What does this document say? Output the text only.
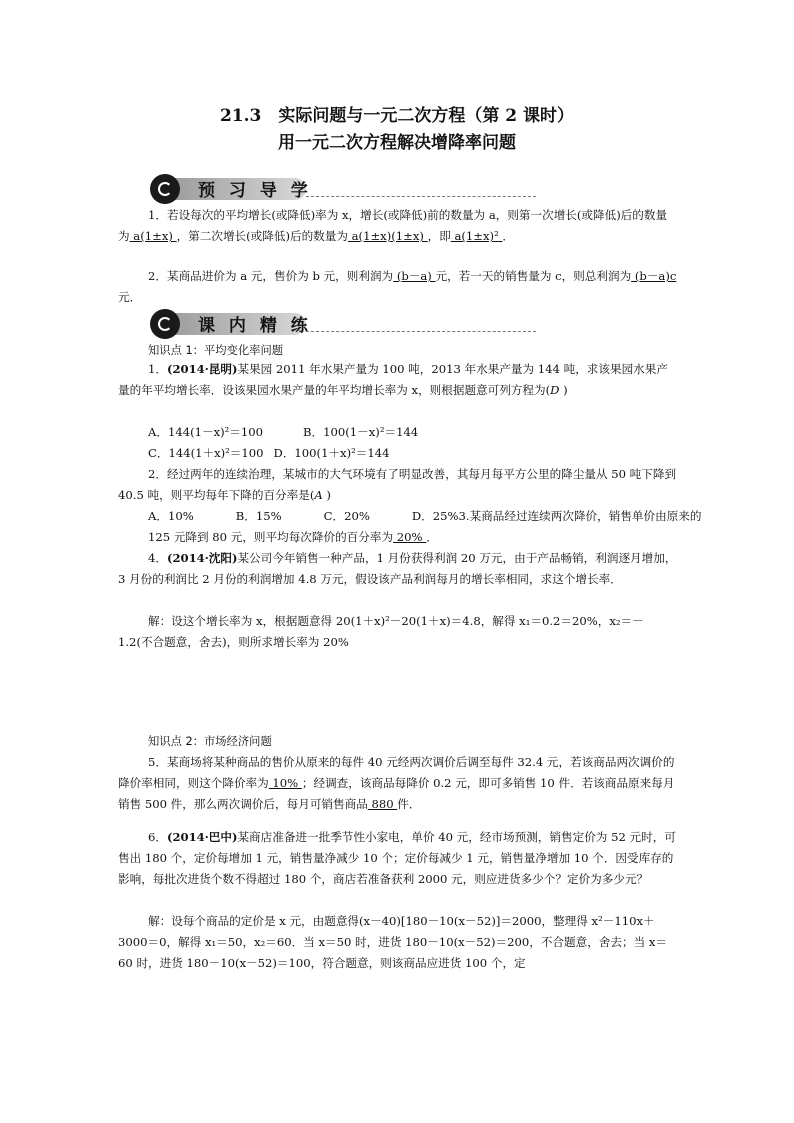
21.3　实际问题与一元二次方程（第 2 课时）
用一元二次方程解决增降率问题
预 习 导 学
1．若设每次的平均增长(或降低)率为 x，增长(或降低)前的数量为 a，则第一次增长(或降低)后的数量为 a(1±x) ，第二次增长(或降低)后的数量为 a(1±x)(1±x) ，即 a(1±x)² ．
2．某商品进价为 a 元，售价为 b 元，则利润为 (b－a) 元，若一天的销售量为 c，则总利润为 (b－a)c 元．
课 内 精 练
知识点 1：平均变化率问题
1．(2014·昆明)某果园 2011 年水果产量为 100 吨，2013 年水果产量为 144 吨，求该果园水果产量的年平均增长率．设该果园水果产量的年平均增长率为 x，则根据题意可列方程为(D )
A．144(1－x)²＝100	B．100(1－x)²＝144
C．144(1＋x)²＝100 D．100(1＋x)²＝144
2．经过两年的连续治理，某城市的大气环境有了明显改善，其每月每平方公里的降尘量从 50 吨下降到 40.5 吨，则平均每年下降的百分率是(A )
A．10%	B．15%	C．20%	D．25%3.某商品经过连续两次降价，销售单价由原来的 125 元降到 80 元，则平均每次降价的百分率为 20% ．
4．(2014·沈阳)某公司今年销售一种产品，1 月份获得利润 20 万元，由于产品畅销，利润逐月增加，3 月份的利润比 2 月份的利润增加 4.8 万元，假设该产品利润每月的增长率相同，求这个增长率．
解：设这个增长率为 x，根据题意得 20(1＋x)²－20(1＋x)＝4.8，解得 x₁＝0.2＝20%，x₂＝－1.2(不合题意，舍去)，则所求增长率为 20%
知识点 2：市场经济问题
5．某商场将某种商品的售价从原来的每件 40 元经两次调价后调至每件 32.4 元，若该商品两次调价的降价率相同，则这个降价率为 10% ；经调查，该商品每降价 0.2 元，即可多销售 10 件．若该商品原来每月销售 500 件，那么两次调价后，每月可销售商品 880 件．
6．(2014·巴中)某商店准备进一批季节性小家电，单价 40 元，经市场预测，销售定价为 52 元时，可售出 180 个，定价每增加 1 元，销售量净减少 10 个；定价每减少 1 元，销售量净增加 10 个．因受库存的影响，每批次进货个数不得超过 180 个，商店若准备获利 2000 元，则应进货多少个？定价为多少元？
解：设每个商品的定价是 x 元，由题意得(x－40)[180－10(x－52)]＝2000，整理得 x²－110x＋3000＝0，解得 x₁＝50，x₂＝60．当 x＝50 时，进货 180－10(x－52)＝200，不合题意，舍去；当 x＝60 时，进货 180－10(x－52)＝100，符合题意，则该商品应进货 100 个，定
